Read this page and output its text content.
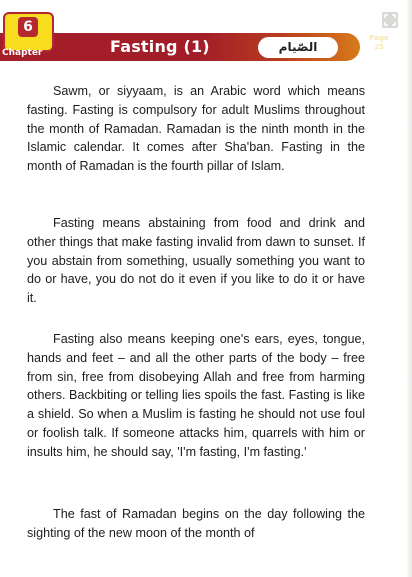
6
Chapter	Fasting (1)	الصّيام
Page 25

Sawm, or siyyaam, is an Arabic word which means fasting. Fasting is compulsory for adult Muslims throughout the month of Ramadan. Ramadan is the ninth month in the Islamic calendar. It comes after Sha'ban. Fasting in the month of Ramadan is the fourth pillar of Islam.

Fasting means abstaining from food and drink and other things that make fasting invalid from dawn to sunset. If you abstain from something, usually something you want to do or have, you do not do it even if you like to do it or have it.

Fasting also means keeping one's ears, eyes, tongue, hands and feet – and all the other parts of the body – free from sin, free from disobeying Allah and free from harming others. Backbiting or telling lies spoils the fast. Fasting is like a shield. So when a Muslim is fasting he should not use foul or foolish talk. If someone attacks him, quarrels with him or insults him, he should say, 'I'm fasting, I'm fasting.'

The fast of Ramadan begins on the day following the sighting of the new moon of the month of
